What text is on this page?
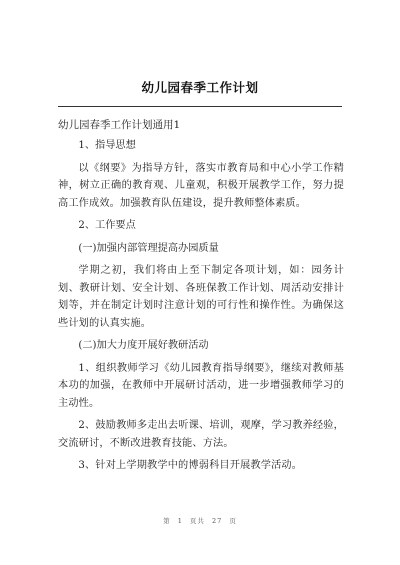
幼儿园春季工作计划
幼儿园春季工作计划通用1
1、指导思想
以《纲要》为指导方针，落实市教育局和中心小学工作精神，树立正确的教育观、儿童观，积极开展教学工作，努力提高工作成效。加强教育队伍建设，提升教师整体素质。
2、工作要点
(一)加强内部管理提高办园质量
学期之初，我们将由上至下制定各项计划，如：园务计划、教研计划、安全计划、各班保教工作计划、周活动安排计划等，并在制定计划时注意计划的可行性和操作性。为确保这些计划的认真实施。
(二)加大力度开展好教研活动
1、组织教师学习《幼儿园教育指导纲要》，继续对教师基本功的加强，在教师中开展研讨活动，进一步增强教师学习的主动性。
2、鼓励教师多走出去听课、培训，观摩，学习教养经验，交流研讨，不断改进教育技能、方法。
3、针对上学期教学中的博弱科目开展教学活动。
第 1 页共 27 页
